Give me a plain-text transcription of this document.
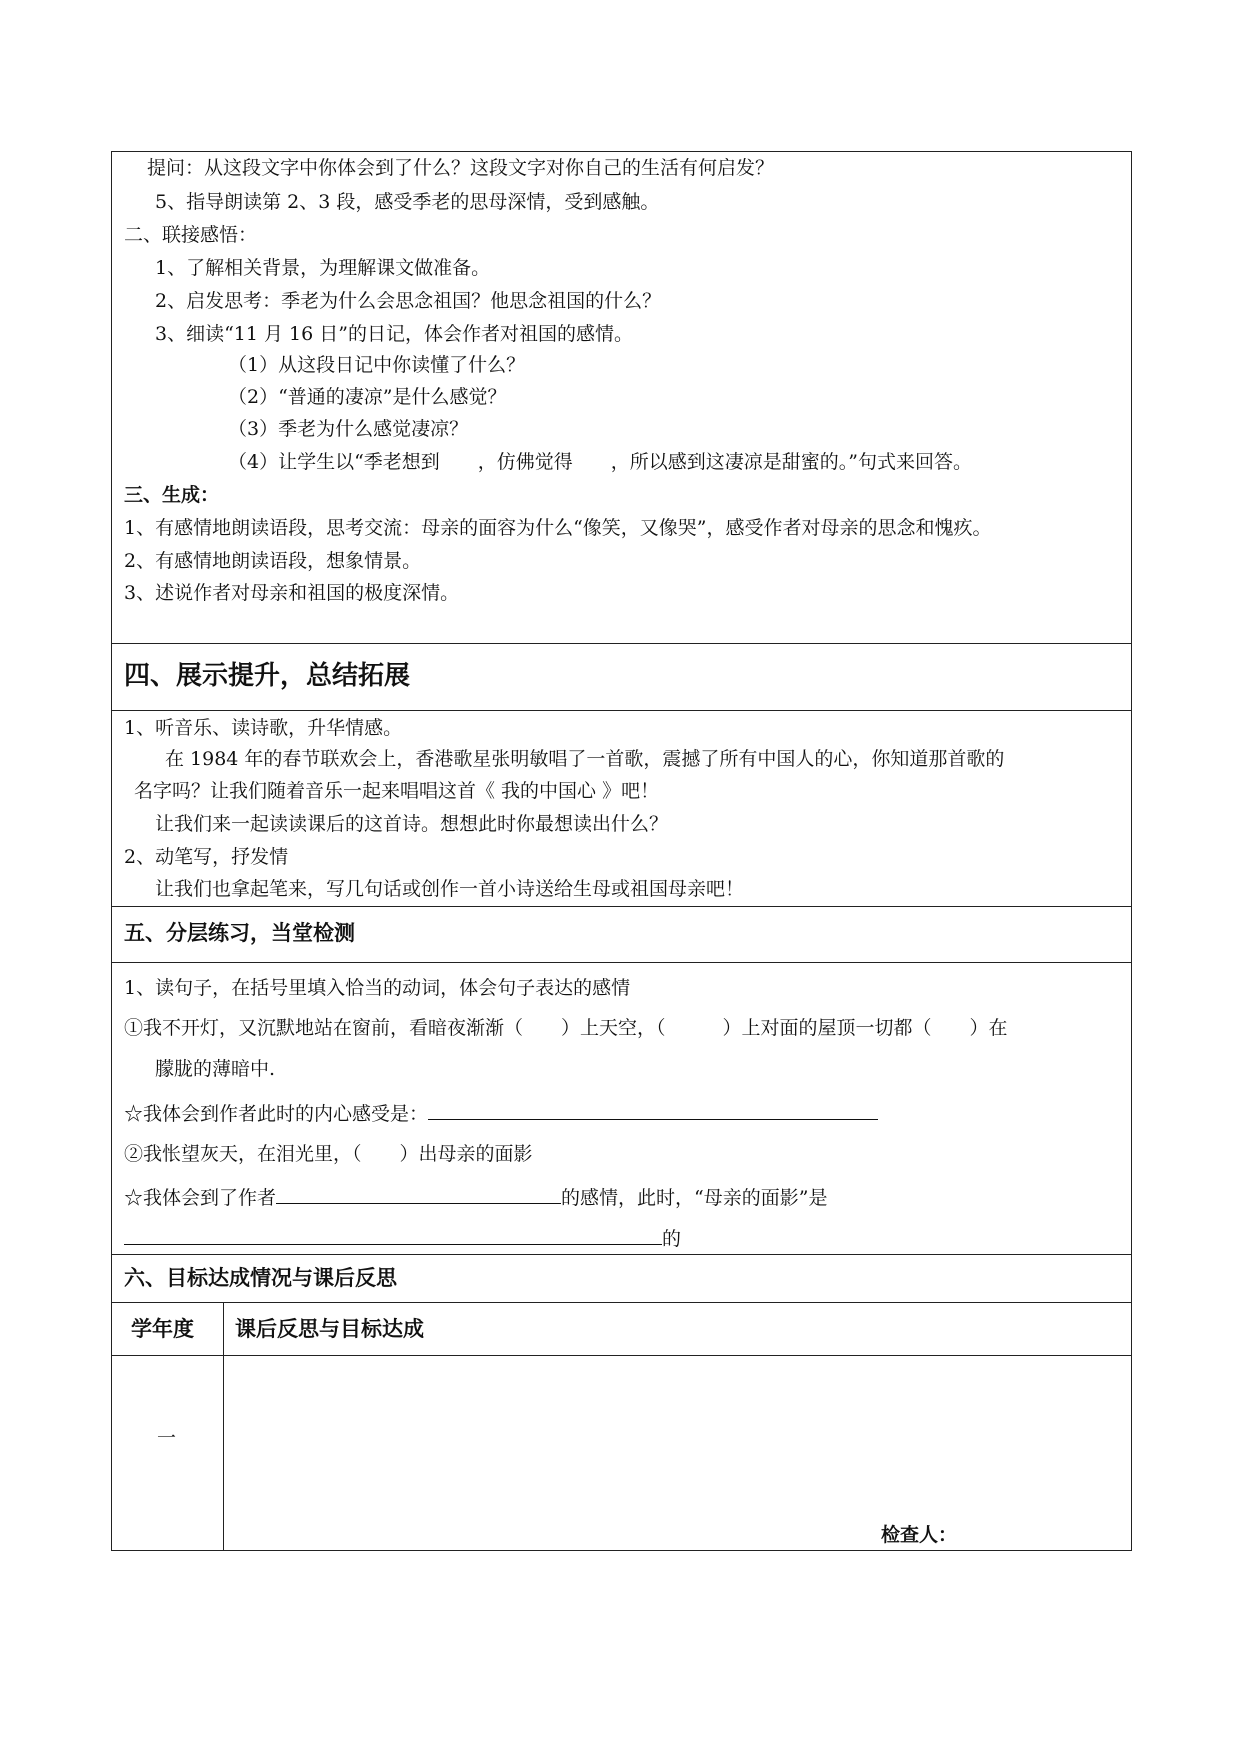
提问：从这段文字中你体会到了什么？这段文字对你自己的生活有何启发？
5、指导朗读第 2、3 段，感受季老的思母深情，受到感触。
二、联接感悟：
1、了解相关背景，为理解课文做准备。
2、启发思考：季老为什么会思念祖国？他思念祖国的什么？
3、细读“11 月 16 日”的日记，体会作者对祖国的感情。
（1）从这段日记中你读懂了什么？
（2）“普通的凄凉”是什么感觉？
（3）季老为什么感觉凄凉？
（4）让学生以“季老想到　　，仿佛觉得　　，所以感到这凄凉是甜蜜的。”句式来回答。
三、生成：
1、有感情地朗读语段，思考交流：母亲的面容为什么“像笑，又像哭”，感受作者对母亲的思念和愧疚。
2、有感情地朗读语段，想象情景。
3、述说作者对母亲和祖国的极度深情。
四、展示提升，总结拓展
1、听音乐、读诗歌，升华情感。
在 1984 年的春节联欢会上，香港歌星张明敏唱了一首歌，震撼了所有中国人的心，你知道那首歌的
名字吗？让我们随着音乐一起来唱唱这首《 我的中国心 》吧！
让我们来一起读读课后的这首诗。想想此时你最想读出什么？
2、动笔写，抒发情
让我们也拿起笔来，写几句话或创作一首小诗送给生母或祖国母亲吧！
五、分层练习，当堂检测
1、读句子，在括号里填入恰当的动词，体会句子表达的感情
①我不开灯，又沉默地站在窗前，看暗夜渐渐（　　）上天空，（　　　）上对面的屋顶一切都（　　）在
朦胧的薄暗中.
☆我体会到作者此时的内心感受是：
②我怅望灰天，在泪光里，（　　）出母亲的面影
☆我体会到了作者	的感情，此时，“母亲的面影”是
的
六、目标达成情况与课后反思
学年度 课后反思与目标达成
一
检查人：
